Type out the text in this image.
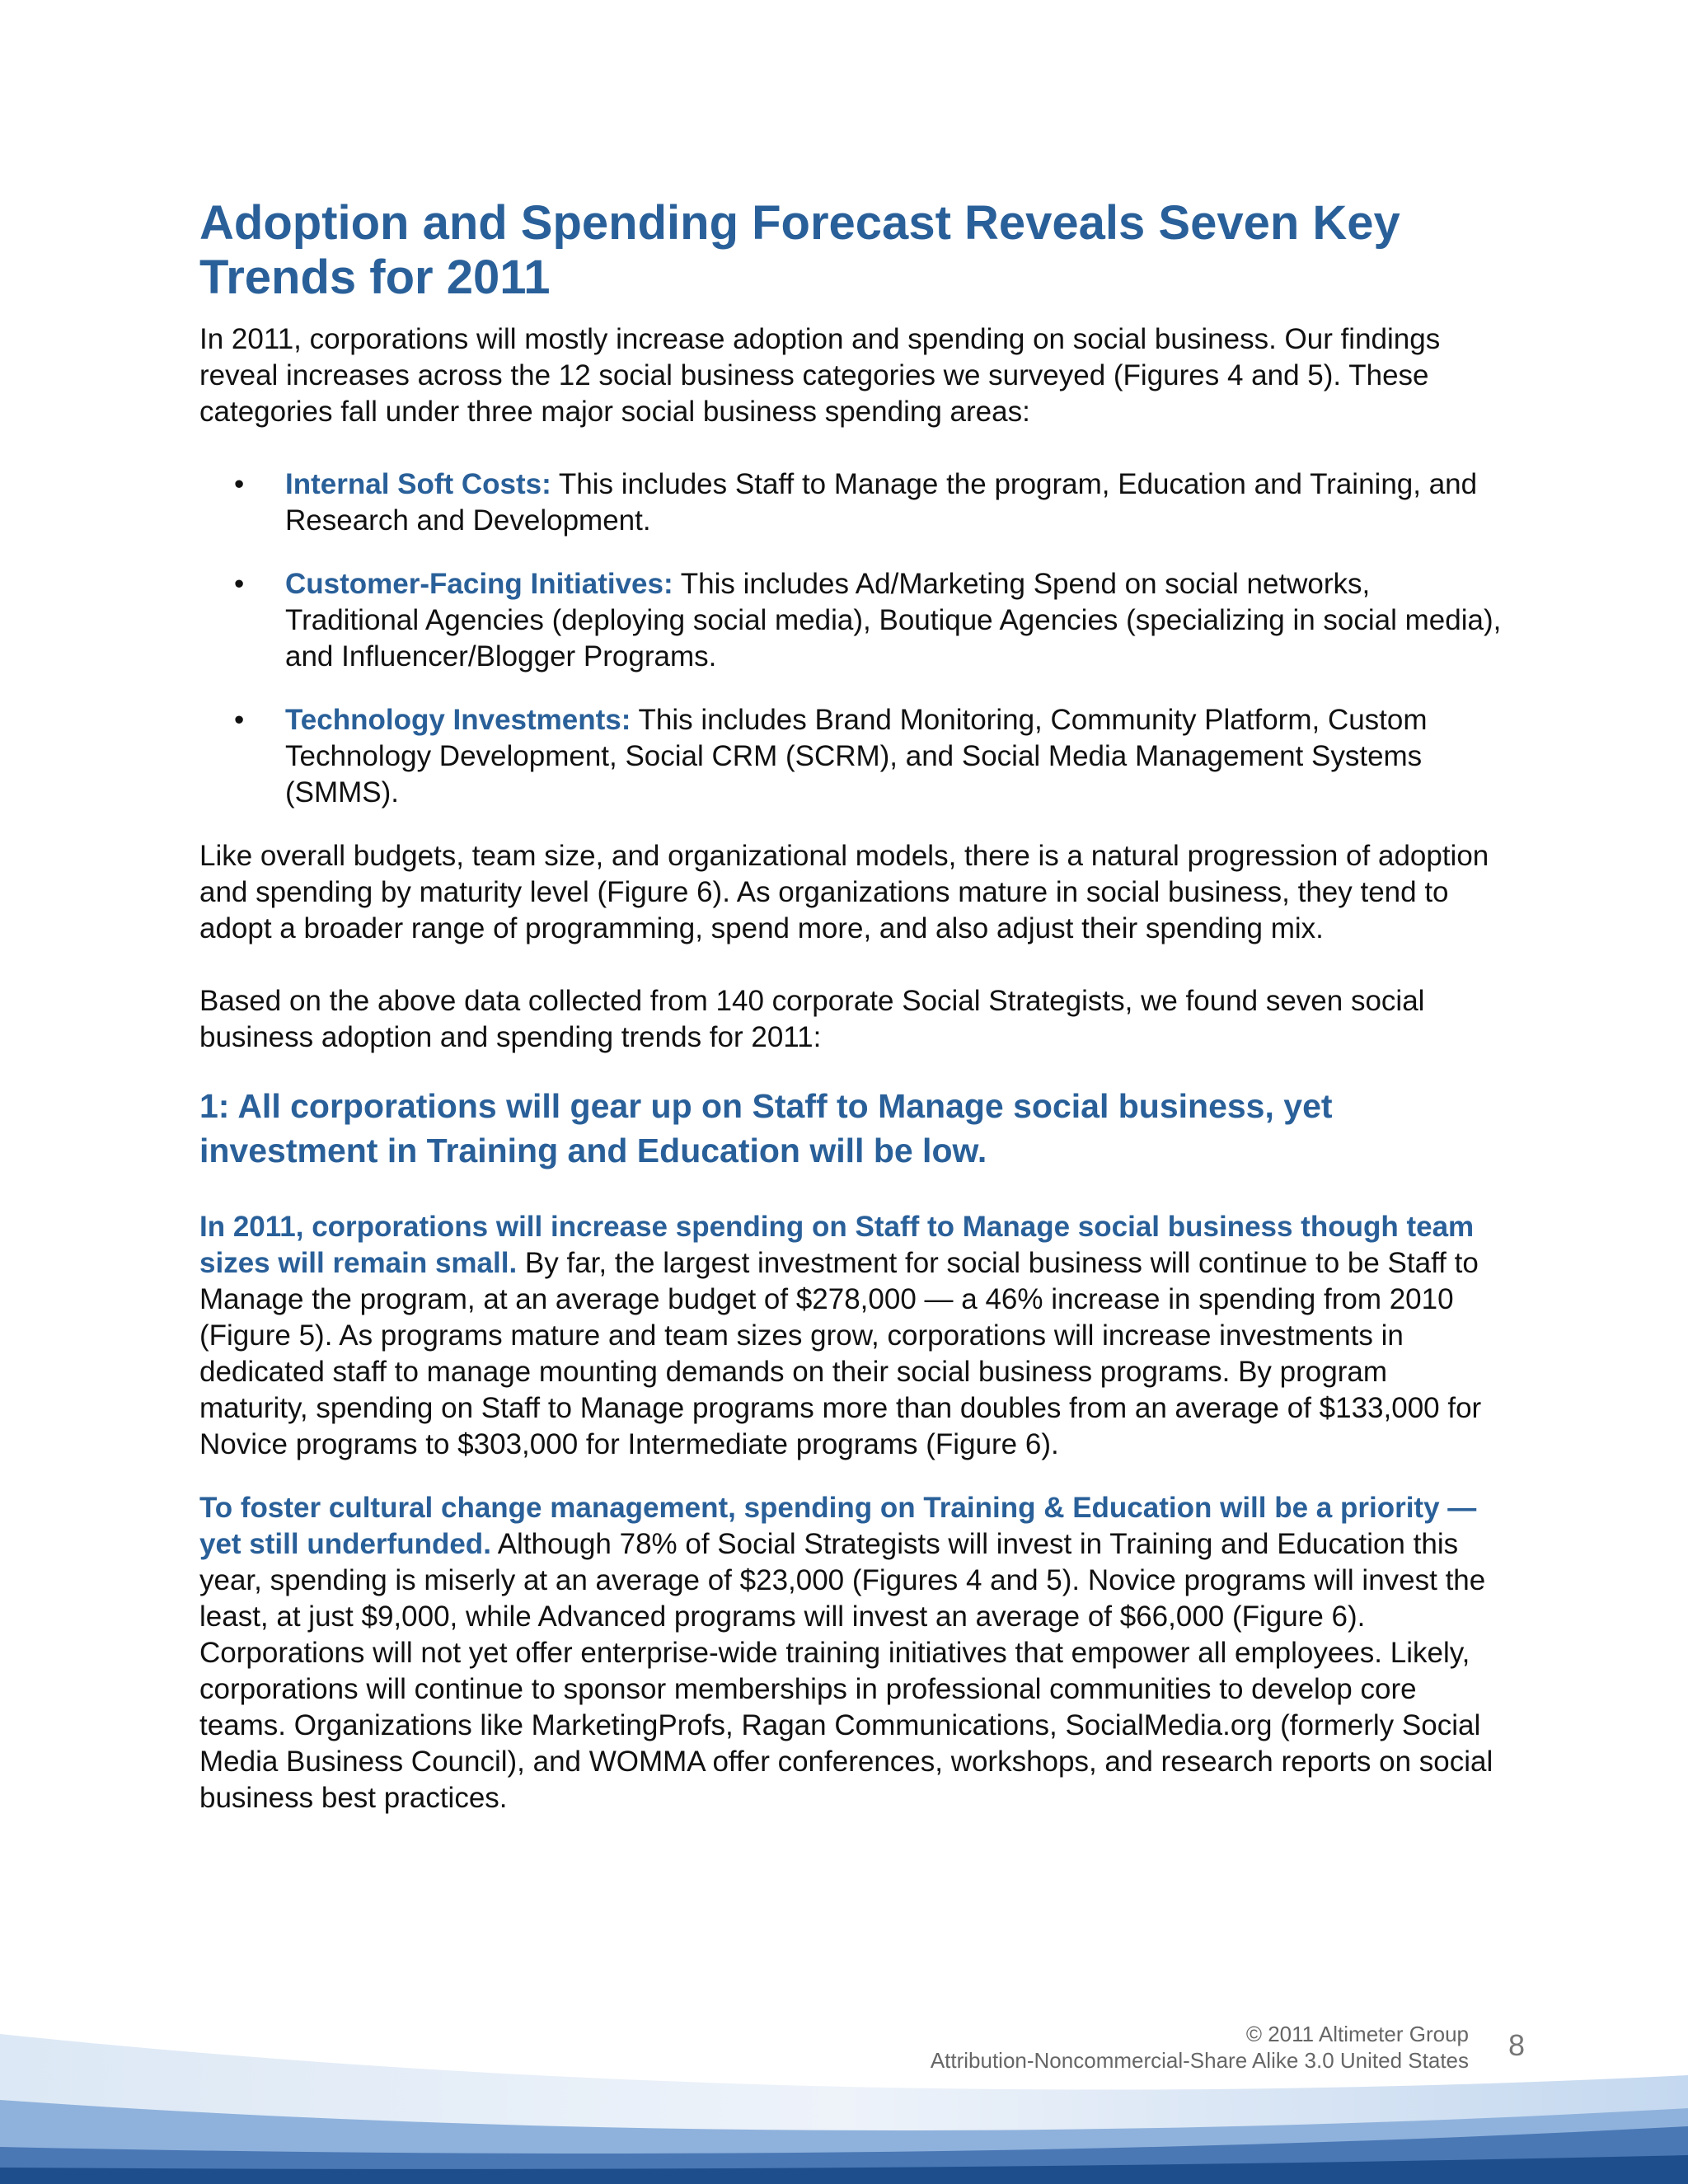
Adoption and Spending Forecast Reveals Seven Key Trends for 2011

In 2011, corporations will mostly increase adoption and spending on social business. Our findings reveal increases across the 12 social business categories we surveyed (Figures 4 and 5). These categories fall under three major social business spending areas:

• Internal Soft Costs: This includes Staff to Manage the program, Education and Training, and Research and Development.
• Customer-Facing Initiatives: This includes Ad/Marketing Spend on social networks, Traditional Agencies (deploying social media), Boutique Agencies (specializing in social media), and Influencer/Blogger Programs.
• Technology Investments: This includes Brand Monitoring, Community Platform, Custom Technology Development, Social CRM (SCRM), and Social Media Management Systems (SMMS).

Like overall budgets, team size, and organizational models, there is a natural progression of adoption and spending by maturity level (Figure 6). As organizations mature in social business, they tend to adopt a broader range of programming, spend more, and also adjust their spending mix.

Based on the above data collected from 140 corporate Social Strategists, we found seven social business adoption and spending trends for 2011:

1: All corporations will gear up on Staff to Manage social business, yet investment in Training and Education will be low.

In 2011, corporations will increase spending on Staff to Manage social business though team sizes will remain small. By far, the largest investment for social business will continue to be Staff to Manage the program, at an average budget of $278,000 — a 46% increase in spending from 2010 (Figure 5). As programs mature and team sizes grow, corporations will increase investments in dedicated staff to manage mounting demands on their social business programs. By program maturity, spending on Staff to Manage programs more than doubles from an average of $133,000 for Novice programs to $303,000 for Intermediate programs (Figure 6).

To foster cultural change management, spending on Training & Education will be a priority — yet still underfunded. Although 78% of Social Strategists will invest in Training and Education this year, spending is miserly at an average of $23,000 (Figures 4 and 5). Novice programs will invest the least, at just $9,000, while Advanced programs will invest an average of $66,000 (Figure 6). Corporations will not yet offer enterprise-wide training initiatives that empower all employees. Likely, corporations will continue to sponsor memberships in professional communities to develop core teams. Organizations like MarketingProfs, Ragan Communications, SocialMedia.org (formerly Social Media Business Council), and WOMMA offer conferences, workshops, and research reports on social business best practices.

© 2011 Altimeter Group
Attribution-Noncommercial-Share Alike 3.0 United States 8
